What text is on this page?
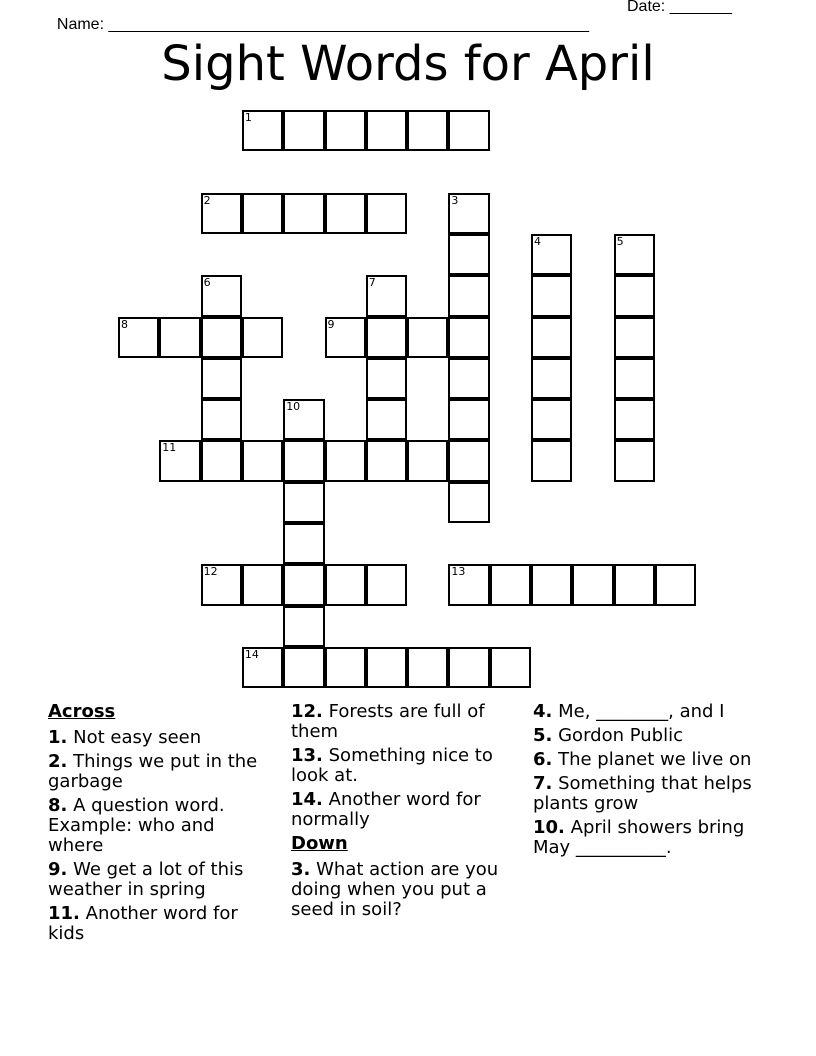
Name: ______________________________________________________

Date: _______

Sight Words for April
1
2	3
4	5
6	7
8	9
10
11
12	13
14
Across
1. Not easy seen
2. Things we put in the garbage
8. A question word. Example: who and where
9. We get a lot of this weather in spring
11. Another word for kids
12. Forests are full of them
13. Something nice to look at.
14. Another word for normally
Down
3. What action are you doing when you put a seed in soil?
4. Me, ________, and I
5. Gordon Public
6. The planet we live on
7. Something that helps plants grow
10. April showers bring May __________.
